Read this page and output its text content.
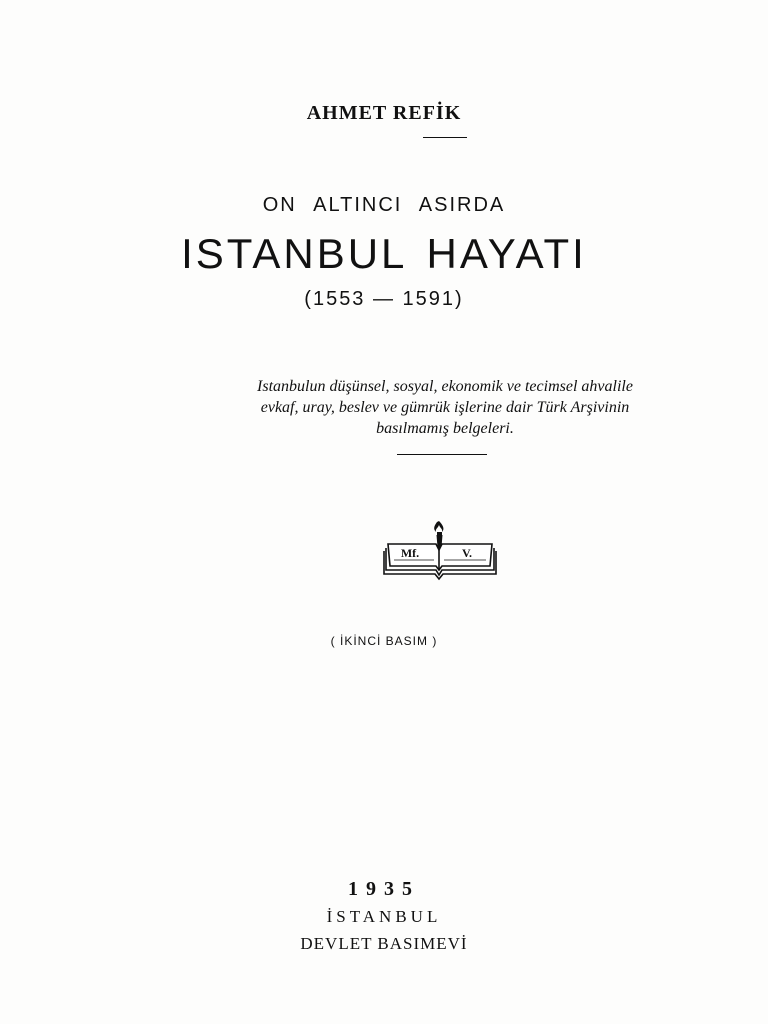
AHMET REFİK
ON ALTINCI ASIRDA
ISTANBUL HAYATI
(1553 — 1591)
Istanbulun düşünsel, sosyal, ekonomik ve tecimsel ahvalile
evkaf, uray, beslev ve gümrük işlerine dair Türk Arşivinin
basılmamış belgeleri.
Mf.	V.
( İKİNCİ BASIM )
1935
İSTANBUL
DEVLET BASIMEVİ
